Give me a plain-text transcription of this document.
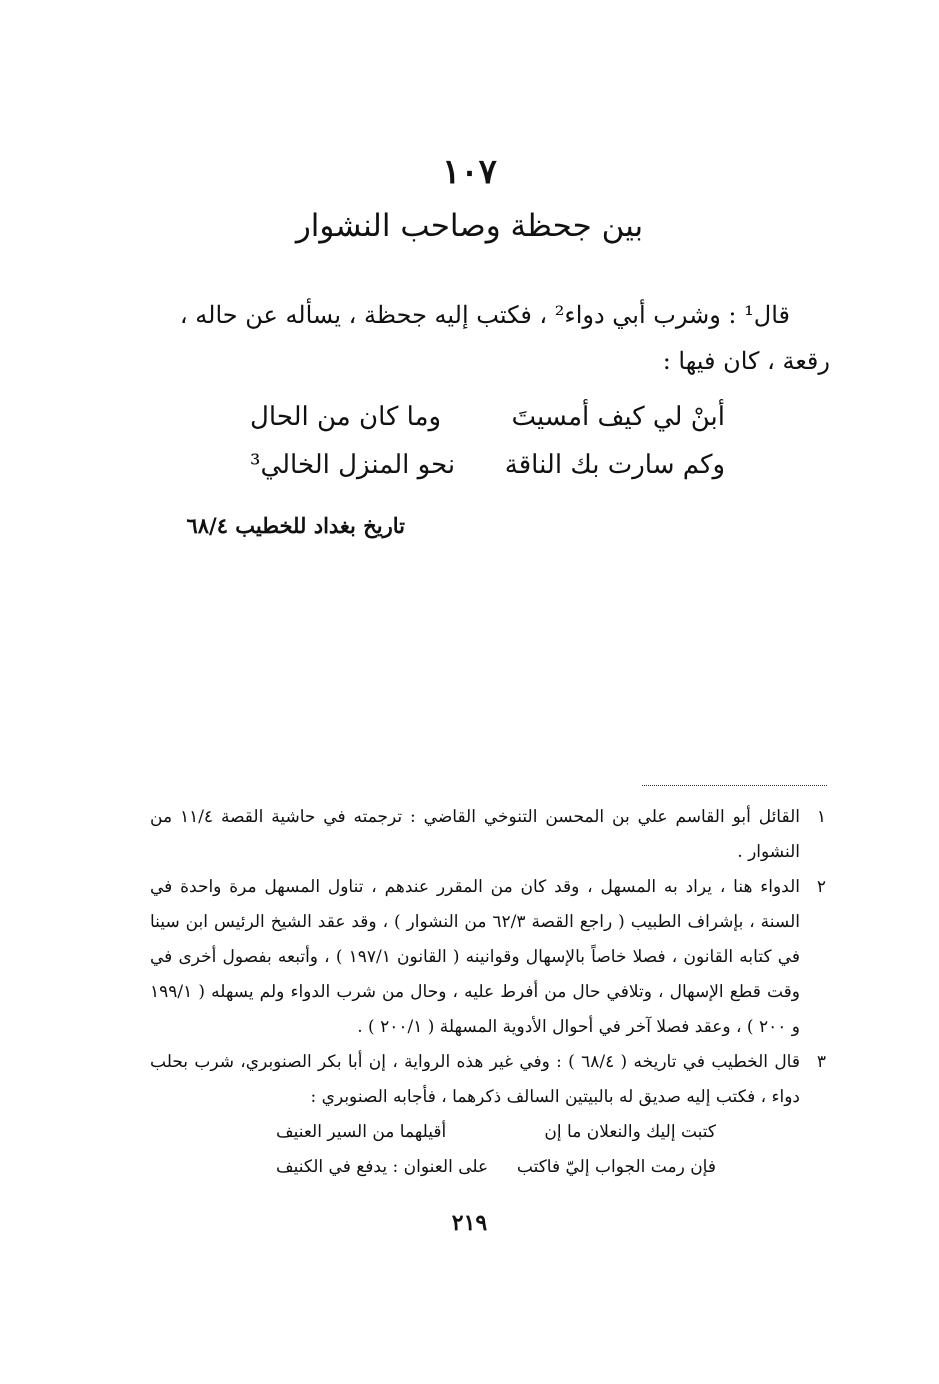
١٠٧
بين جحظة وصاحب النشوار
قال¹ : وشرب أبي دواء² ، فكتب إليه جحظة ، يسأله عن حاله ،
رقعة ، كان فيها :
أبنْ لي كيف أمسيتَ
وما كان من الحال
وكم سارت بك الناقة
نحو المنزل الخالي³
تاريخ بغداد للخطيب ٦٨/٤
١
القائل أبو القاسم علي بن المحسن التنوخي القاضي : ترجمته في حاشية القصة ١١/٤ من النشوار .
٢
الدواء هنا ، يراد به المسهل ، وقد كان من المقرر عندهم ، تناول المسهل مرة واحدة في السنة ، بإشراف الطبيب ( راجع القصة ٦٢/٣ من النشوار ) ، وقد عقد الشيخ الرئيس ابن سينا في كتابه القانون ، فصلا خاصاً بالإسهال وقوانينه ( القانون ١٩٧/١ ) ، وأتبعه بفصول أخرى في وقت قطع الإسهال ، وتلافي حال من أفرط عليه ، وحال من شرب الدواء ولم يسهله ( ١٩٩/١ و ٢٠٠ ) ، وعقد فصلا آخر في أحوال الأدوية المسهلة ( ٢٠٠/١ ) .
٣
قال الخطيب في تاريخه ( ٦٨/٤ ) : وفي غير هذه الرواية ، إن أبا بكر الصنوبري، شرب بحلب دواء ، فكتب إليه صديق له بالبيتين السالف ذكرهما ، فأجابه الصنوبري :
كتبت إليك والنعلان ما إن
أقيلهما من السير العنيف
فإن رمت الجواب إليّ فاكتب
على العنوان : يدفع في الكنيف
٢١٩
